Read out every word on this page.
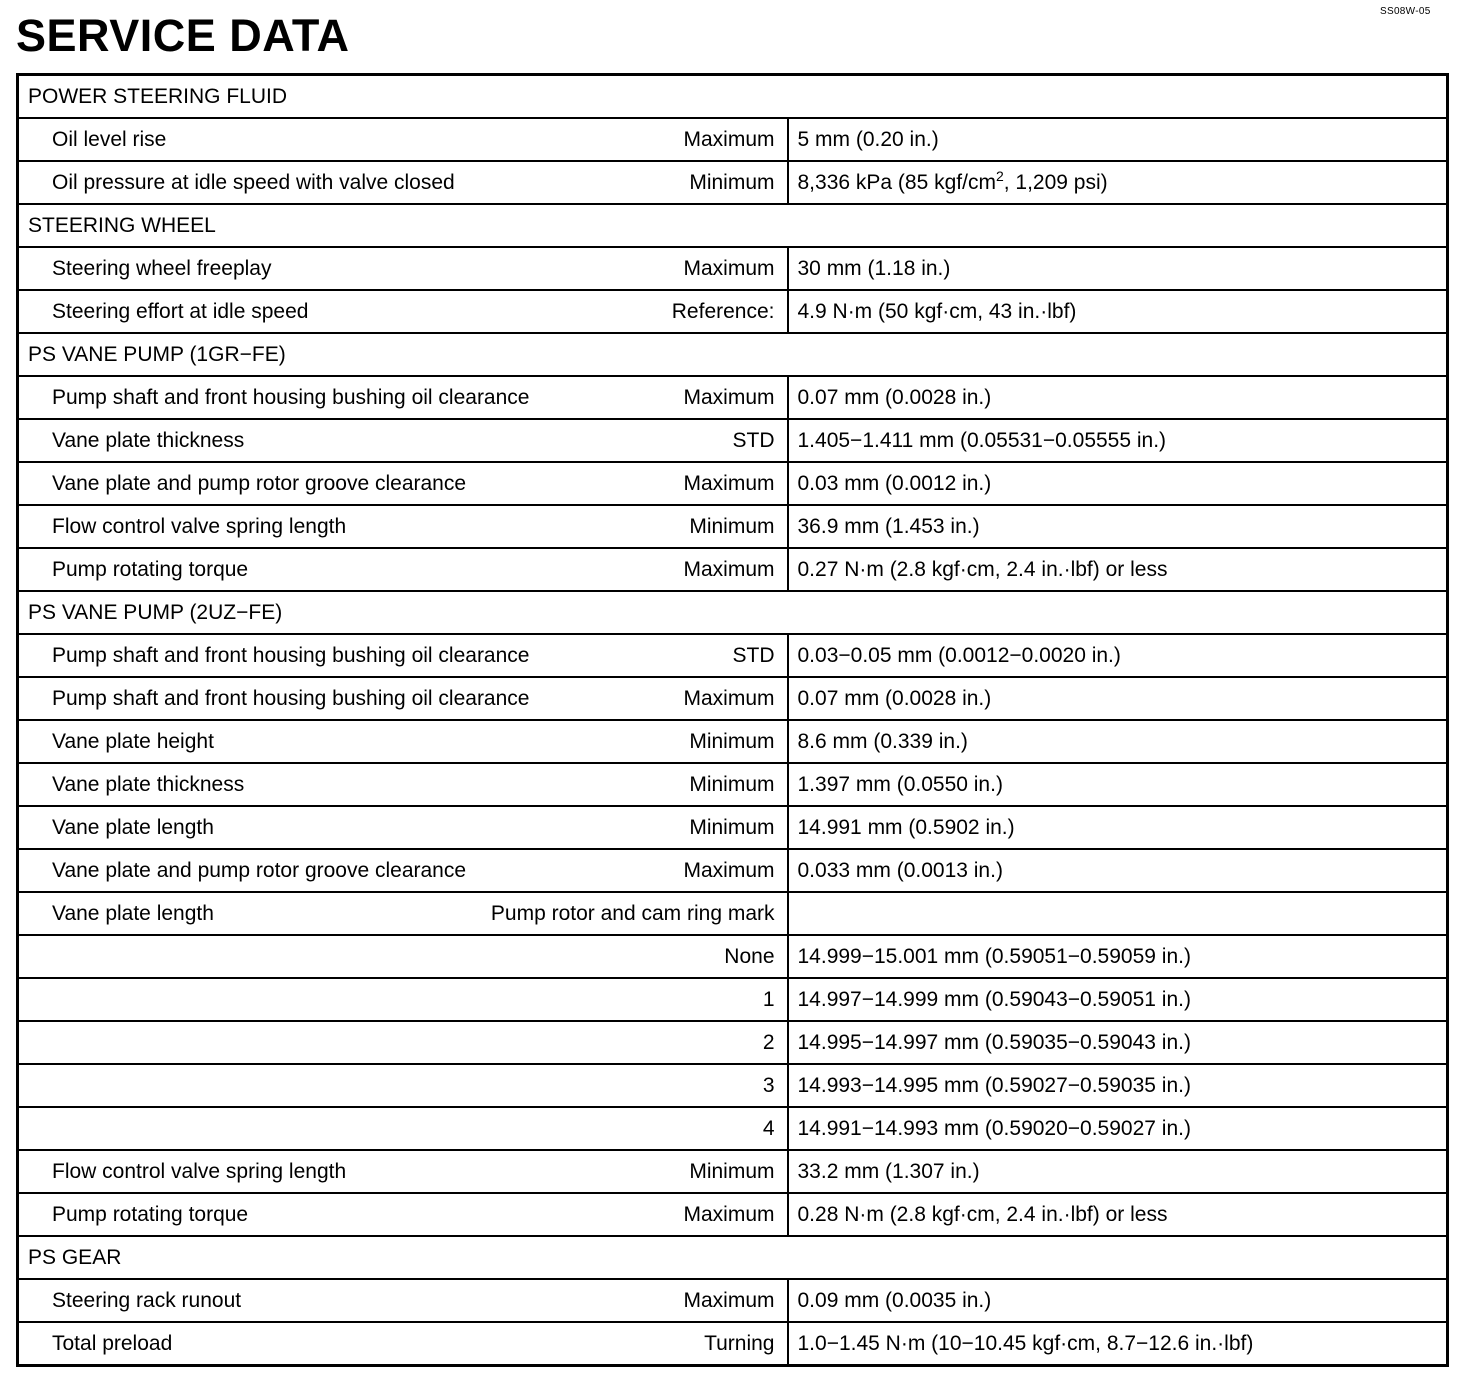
SS08W-05
SERVICE DATA
POWER STEERING FLUID		
Oil level rise	Maximum	5 mm (0.20 in.)
Oil pressure at idle speed with valve closed	Minimum	8,336 kPa (85 kgf/$cm^2$, 1,209 psi)
STEERING WHEEL		
Steering wheel freeplay	Maximum	30 mm (1.18 in.)
Steering effort at idle speed	Reference:	4.9 N·m (50 kgf·cm, 43 in.·lbf)
PS VANE PUMP (1GR−FE)		
Pump shaft and front housing bushing oil clearance	Maximum	0.07 mm (0.0028 in.)
Vane plate thickness	STD	1.405−1.411 mm (0.05531−0.05555 in.)
Vane plate and pump rotor groove clearance	Maximum	0.03 mm (0.0012 in.)
Flow control valve spring length	Minimum	36.9 mm (1.453 in.)
Pump rotating torque	Maximum	0.27 N·m (2.8 kgf·cm, 2.4 in.·lbf) or less
PS VANE PUMP (2UZ−FE)		
Pump shaft and front housing bushing oil clearance	STD	0.03−0.05 mm (0.0012−0.0020 in.)
Pump shaft and front housing bushing oil clearance	Maximum	0.07 mm (0.0028 in.)
Vane plate height	Minimum	8.6 mm (0.339 in.)
Vane plate thickness	Minimum	1.397 mm (0.0550 in.)
Vane plate length	Minimum	14.991 mm (0.5902 in.)
Vane plate and pump rotor groove clearance	Maximum	0.033 mm (0.0013 in.)
Vane plate length	Pump rotor and cam ring mark	
	None	14.999−15.001 mm (0.59051−0.59059 in.)
	1	14.997−14.999 mm (0.59043−0.59051 in.)
	2	14.995−14.997 mm (0.59035−0.59043 in.)
	3	14.993−14.995 mm (0.59027−0.59035 in.)
	4	14.991−14.993 mm (0.59020−0.59027 in.)
Flow control valve spring length	Minimum	33.2 mm (1.307 in.)
Pump rotating torque	Maximum	0.28 N·m (2.8 kgf·cm, 2.4 in.·lbf) or less
PS GEAR		
Steering rack runout	Maximum	0.09 mm (0.0035 in.)
Total preload	Turning	1.0−1.45 N·m (10−10.45 kgf·cm, 8.7−12.6 in.·lbf)
